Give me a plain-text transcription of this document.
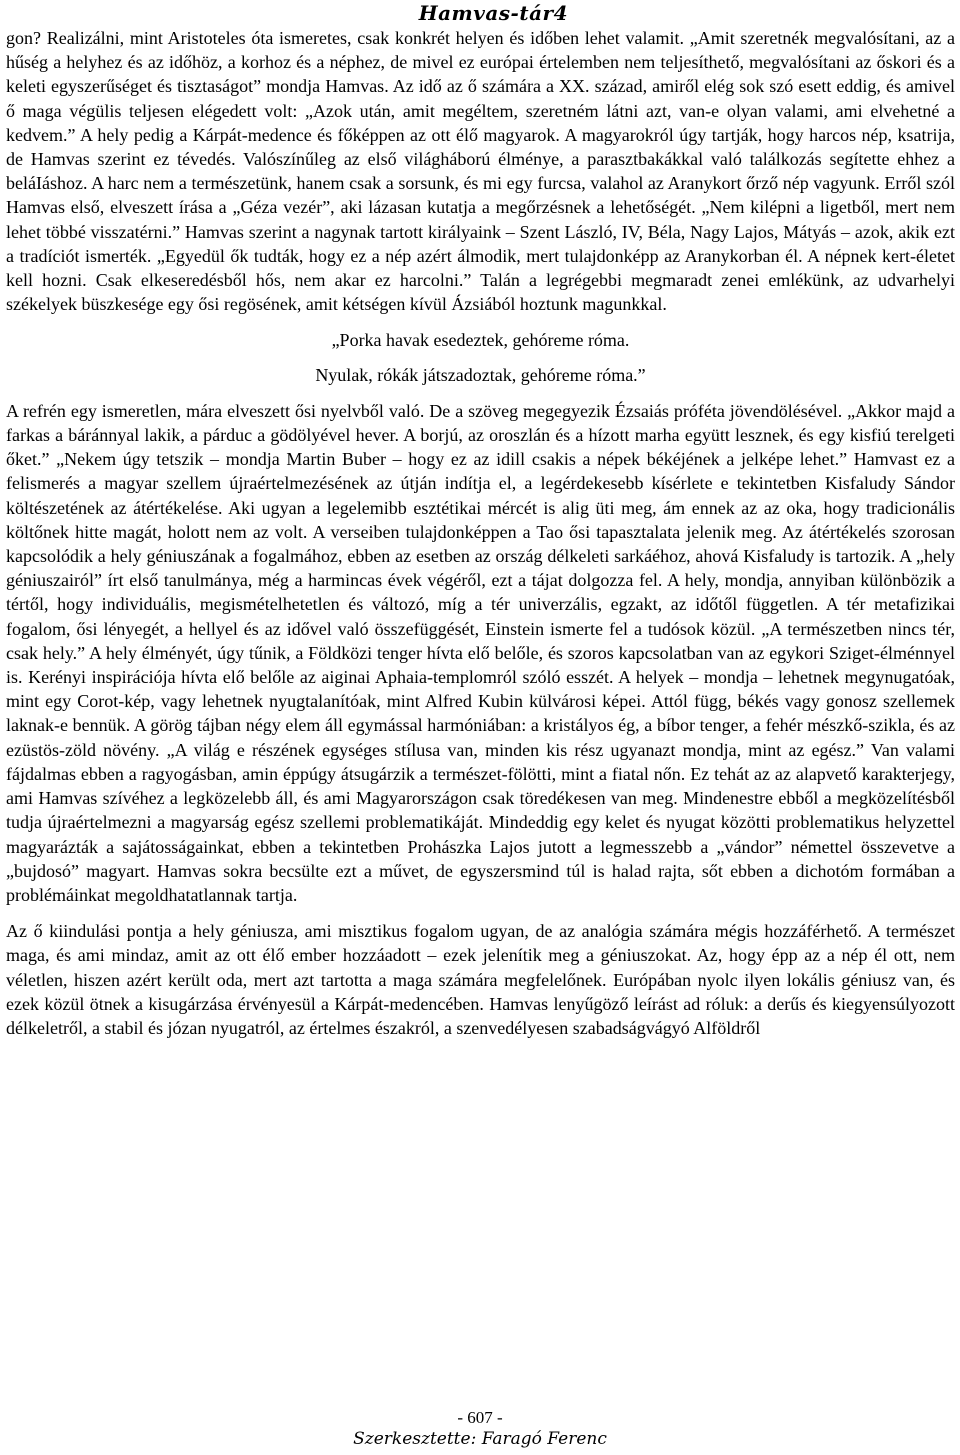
Hamvas-tár4

gon? Realizálni, mint Aristoteles óta ismeretes, csak konkrét helyen és időben lehet valamit. „Amit szeretnék megvalósítani, az a hűség a helyhez és az időhöz, a korhoz és a néphez, de mivel ez európai értelemben nem teljesíthető, megvalósítani az őskori és a keleti egyszerűséget és tisztaságot” mondja Hamvas. Az idő az ő számára a XX. század, amiről elég sok szó esett eddig, és amivel ő maga végülis teljesen elégedett volt: „Azok után, amit megéltem, szeretném látni azt, van-e olyan valami, ami elvehetné a kedvem.” A hely pedig a Kárpát-medence és főképpen az ott élő magyarok. A magyarokról úgy tartják, hogy harcos nép, ksatrija, de Hamvas szerint ez tévedés. Valószínűleg az első világháború élménye, a parasztbakákkal való találkozás segítette ehhez a beláIáshoz. A harc nem a természetünk, hanem csak a sorsunk, és mi egy furcsa, valahol az Aranykort őrző nép vagyunk. Erről szól Hamvas első, elveszett írása a „Géza vezér”, aki lázasan kutatja a megőrzésnek a lehetőségét. „Nem kilépni a ligetből, mert nem lehet többé visszatérni.” Hamvas szerint a nagynak tartott királyaink – Szent László, IV, Béla, Nagy Lajos, Mátyás – azok, akik ezt a tradíciót ismerték. „Egyedül ők tudták, hogy ez a nép azért álmodik, mert tulajdonképp az Aranykorban él. A népnek kert-életet kell hozni. Csak elkeseredésből hős, nem akar ez harcolni.” Talán a legrégebbi megmaradt zenei emlékünk, az udvarhelyi székelyek büszkesége egy ősi regösének, amit kétségen kívül Ázsiából hoztunk magunkkal.

„Porka havak esedeztek, gehóreme róma.

Nyulak, rókák játszadoztak, gehóreme róma.”

A refrén egy ismeretlen, mára elveszett ősi nyelvből való. De a szöveg megegyezik Ézsaiás próféta jövendölésével. „Akkor majd a farkas a báránnyal lakik, a párduc a gödölyével hever. A borjú, az oroszlán és a hízott marha együtt lesznek, és egy kisfiú terelgeti őket.” „Nekem úgy tetszik – mondja Martin Buber – hogy ez az idill csakis a népek békéjének a jelképe lehet.” Hamvast ez a felismerés a magyar szellem újraértelmezésének az útján indítja el, a legérdekesebb kísérlete e tekintetben Kisfaludy Sándor költészetének az átértékelése. Aki ugyan a legelemibb esztétikai mércét is alig üti meg, ám ennek az az oka, hogy tradicionális költőnek hitte magát, holott nem az volt. A verseiben tulajdonképpen a Tao ősi tapasztalata jelenik meg. Az átértékelés szorosan kapcsolódik a hely géniuszának a fogalmához, ebben az esetben az ország délkeleti sarkáéhoz, ahová Kisfaludy is tartozik. A „hely géniuszairól” írt első tanulmánya, még a harmincas évek végéről, ezt a tájat dolgozza fel. A hely, mondja, annyiban különbözik a tértől, hogy individuális, megismételhetetlen és változó, míg a tér univerzális, egzakt, az időtől független. A tér metafizikai fogalom, ősi lényegét, a hellyel és az idővel való összefüggését, Einstein ismerte fel a tudósok közül. „A természetben nincs tér, csak hely.” A hely élményét, úgy tűnik, a Földközi tenger hívta elő belőle, és szoros kapcsolatban van az egykori Sziget-élménnyel is. Kerényi inspirációja hívta elő belőle az aiginai Aphaia-templomról szóló esszét. A helyek – mondja – lehetnek megynugatóak, mint egy Corot-kép, vagy lehetnek nyugtalanítóak, mint Alfred Kubin külvárosi képei. Attól függ, békés vagy gonosz szellemek laknak-e bennük. A görög tájban négy elem áll egymással harmóniában: a kristályos ég, a bíbor tenger, a fehér mészkő-szikla, és az ezüstös-zöld növény. „A világ e részének egységes stílusa van, minden kis rész ugyanazt mondja, mint az egész.” Van valami fájdalmas ebben a ragyogásban, amin éppúgy átsugárzik a természet-fölötti, mint a fiatal nőn. Ez tehát az az alapvető karakterjegy, ami Hamvas szívéhez a legközelebb áll, és ami Magyarországon csak töredékesen van meg. Mindenestre ebből a megközelítésből tudja újraértelmezni a magyarság egész szellemi problematikáját. Mindeddig egy kelet és nyugat közötti problematikus helyzettel magyarázták a sajátosságainkat, ebben a tekintetben Prohászka Lajos jutott a legmesszebb a „vándor” némettel összevetve a „bujdosó” magyart. Hamvas sokra becsülte ezt a művet, de egyszersmind túl is halad rajta, sőt ebben a dichotóm formában a problémáinkat megoldhatatlannak tartja.

Az ő kiindulási pontja a hely géniusza, ami misztikus fogalom ugyan, de az analógia számára mégis hozzáférhető. A természet maga, és ami mindaz, amit az ott élő ember hozzáadott – ezek jelenítik meg a géniuszokat. Az, hogy épp az a nép él ott, nem véletlen, hiszen azért került oda, mert azt tartotta a maga számára megfelelőnek. Európában nyolc ilyen lokális géniusz van, és ezek közül ötnek a kisugárzása érvényesül a Kárpát-medencében. Hamvas lenyűgöző leírást ad róluk: a derűs és kiegyensúlyozott délkeletről, a stabil és józan nyugatról, az értelmes északról, a szenvedélyesen szabadságvágyó Alföldről

- 607 -
Szerkesztette: Faragó Ferenc
